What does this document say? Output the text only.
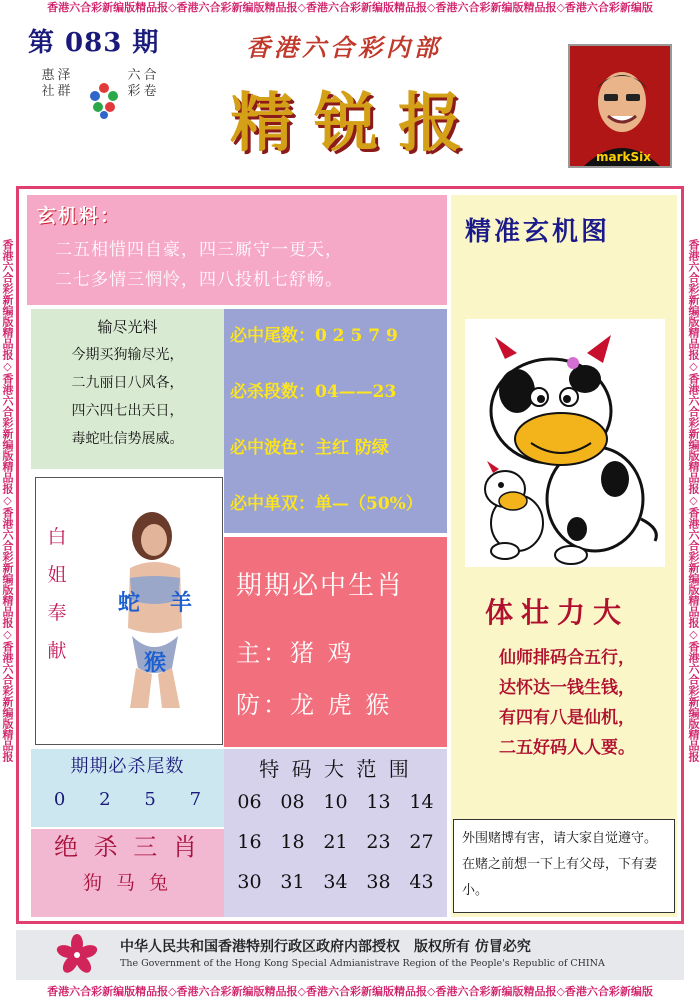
香港六合彩新编版精品报◇香港六合彩新编版精品报◇香港六合彩新编版精品报◇香港六合彩新编版精品报◇香港六合彩新编版
香港六合彩新编版精品报◇香港六合彩新编版精品报◇香港六合彩新编版精品报◇香港六合彩新编版精品报◇香港六合彩新编版
香港六合彩新编版精品报◇香港六合彩新编版精品报◇香港六合彩新编版精品报◇香港六合彩新编版精品报	香港六合彩新编版精品报◇香港六合彩新编版精品报◇香港六合彩新编版精品报◇香港六合彩新编版精品报
第 083 期
惠 泽
社 群
六 合
彩 卷
香港六合彩内部
精锐报	markSix
玄机料：
二五相惜四自豪，四三厮守一更天，
二七多情三惘怜，四八投机七舒畅。
输尽光料
今期买狗输尽光，
二九丽日八风各，
四六四七出天日，
毒蛇吐信势展威。
必中尾数：0 2 5 7 9
必杀段数：04——23
必中波色：主红 防绿
必中单双：单—（50%）
白
姐
奉
献
蛇 羊
猴
期期必中生肖
主：猪 鸡
防：龙 虎 猴
期期必杀尾数
0 2 5 7
绝 杀 三 肖
狗 马 兔
特 码 大 范 围
06 08 10 13 14
16 18 21 23 27
30 31 34 38 43
精准玄机图
体壮力大
仙师排码合五行，
达怀达一钱生钱，
有四有八是仙机，
二五好码人人要。
外围赌博有害，请大家自觉遵守。在赌之前想一下上有父母，下有妻小。
中华人民共和国香港特别行政区政府内部授权　版权所有 仿冒必究
The Government of the Hong Kong Special Admianistrave Region of the People's Republic of CHINA
